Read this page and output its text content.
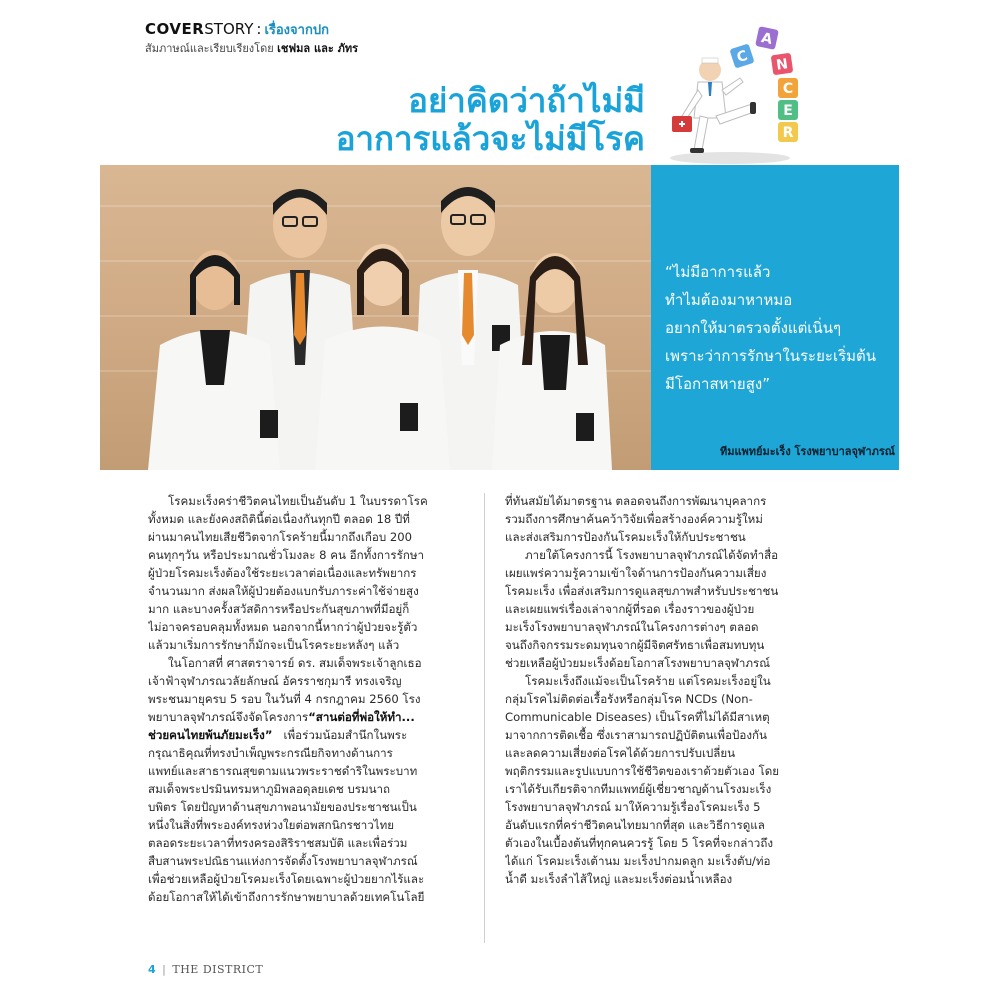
COVERSTORY : เรื่องจากปก
สัมภาษณ์และเรียบเรียงโดย เชฟมล และ ภัทร
อย่าคิดว่าถ้าไม่มี
อาการแล้วจะไม่มีโรค
C
A
N
C
E
R
“ไม่มีอาการแล้ว
ทำไมต้องมาหาหมอ
อยากให้มาตรวจตั้งแต่เนิ่นๆ
เพราะว่าการรักษาในระยะเริ่มต้น
มีโอกาสหายสูง”
ทีมแพทย์มะเร็ง โรงพยาบาลจุฬาภรณ์
โรคมะเร็งคร่าชีวิตคนไทยเป็นอันดับ 1 ในบรรดาโรค
ทั้งหมด และยังคงสถิตินี้ต่อเนื่องกันทุกปี ตลอด 18 ปีที่
ผ่านมาคนไทยเสียชีวิตจากโรคร้ายนี้มากถึงเกือบ 200
คนทุกๆวัน หรือประมาณชั่วโมงละ 8 คน อีกทั้งการรักษา
ผู้ป่วยโรคมะเร็งต้องใช้ระยะเวลาต่อเนื่องและทรัพยากร
จำนวนมาก ส่งผลให้ผู้ป่วยต้องแบกรับภาระค่าใช้จ่ายสูง
มาก และบางครั้งสวัสดิการหรือประกันสุขภาพที่มีอยู่ก็
ไม่อาจครอบคลุมทั้งหมด นอกจากนี้หากว่าผู้ป่วยจะรู้ตัว
แล้วมาเริ่มการรักษาก็มักจะเป็นโรคระยะหลังๆ แล้ว
ในโอกาสที่ ศาสตราจารย์ ดร. สมเด็จพระเจ้าลูกเธอ
เจ้าฟ้าจุฬาภรณวลัยลักษณ์ อัครราชกุมารี ทรงเจริญ
พระชนมายุครบ 5 รอบ ในวันที่ 4 กรกฎาคม 2560 โรง
พยาบาลจุฬาภรณ์จึงจัดโครงการ“สานต่อที่พ่อให้ทำ...
ช่วยคนไทยพ้นภัยมะเร็ง” เพื่อร่วมน้อมสำนึกในพระ
กรุณาธิคุณที่ทรงบำเพ็ญพระกรณียกิจทางด้านการ
แพทย์และสาธารณสุขตามแนวพระราชดำริในพระบาท
สมเด็จพระปรมินทรมหาภูมิพลอดุลยเดช บรมนาถ
บพิตร โดยปัญหาด้านสุขภาพอนามัยของประชาชนเป็น
หนึ่งในสิ่งที่พระองค์ทรงห่วงใยต่อพสกนิกรชาวไทย
ตลอดระยะเวลาที่ทรงครองสิริราชสมบัติ และเพื่อร่วม
สืบสานพระปณิธานแห่งการจัดตั้งโรงพยาบาลจุฬาภรณ์
เพื่อช่วยเหลือผู้ป่วยโรคมะเร็งโดยเฉพาะผู้ป่วยยากไร้และ
ด้อยโอกาสให้ได้เข้าถึงการรักษาพยาบาลด้วยเทคโนโลยี
ที่ทันสมัยได้มาตรฐาน ตลอดจนถึงการพัฒนาบุคลากร
รวมถึงการศึกษาค้นคว้าวิจัยเพื่อสร้างองค์ความรู้ใหม่
และส่งเสริมการป้องกันโรคมะเร็งให้กับประชาชน
ภายใต้โครงการนี้ โรงพยาบาลจุฬาภรณ์ได้จัดทำสื่อ
เผยแพร่ความรู้ความเข้าใจด้านการป้องกันความเสี่ยง
โรคมะเร็ง เพื่อส่งเสริมการดูแลสุขภาพสำหรับประชาชน
และเผยแพร่เรื่องเล่าจากผู้ที่รอด เรื่องราวของผู้ป่วย
มะเร็งโรงพยาบาลจุฬาภรณ์ในโครงการต่างๆ ตลอด
จนถึงกิจกรรมระดมทุนจากผู้มีจิตศรัทธาเพื่อสมทบทุน
ช่วยเหลือผู้ป่วยมะเร็งด้อยโอกาสโรงพยาบาลจุฬาภรณ์
โรคมะเร็งถึงแม้จะเป็นโรคร้าย แต่โรคมะเร็งอยู่ใน
กลุ่มโรคไม่ติดต่อเรื้อรังหรือกลุ่มโรค NCDs (Non-
Communicable Diseases) เป็นโรคที่ไม่ได้มีสาเหตุ
มาจากการติดเชื้อ ซึ่งเราสามารถปฏิบัติตนเพื่อป้องกัน
และลดความเสี่ยงต่อโรคได้ด้วยการปรับเปลี่ยน
พฤติกรรมและรูปแบบการใช้ชีวิตของเราด้วยตัวเอง โดย
เราได้รับเกียรติจากทีมแพทย์ผู้เชี่ยวชาญด้านโรงมะเร็ง
โรงพยาบาลจุฬาภรณ์ มาให้ความรู้เรื่องโรคมะเร็ง 5
อันดับแรกที่คร่าชีวิตคนไทยมากที่สุด และวิธีการดูแล
ตัวเองในเบื้องต้นที่ทุกคนควรรู้ โดย 5 โรคที่จะกล่าวถึง
ได้แก่ โรคมะเร็งเต้านม มะเร็งปากมดลูก มะเร็งตับ/ท่อ
น้ำดี มะเร็งลำไส้ใหญ่ และมะเร็งต่อมน้ำเหลือง
4 | THE DISTRICT
